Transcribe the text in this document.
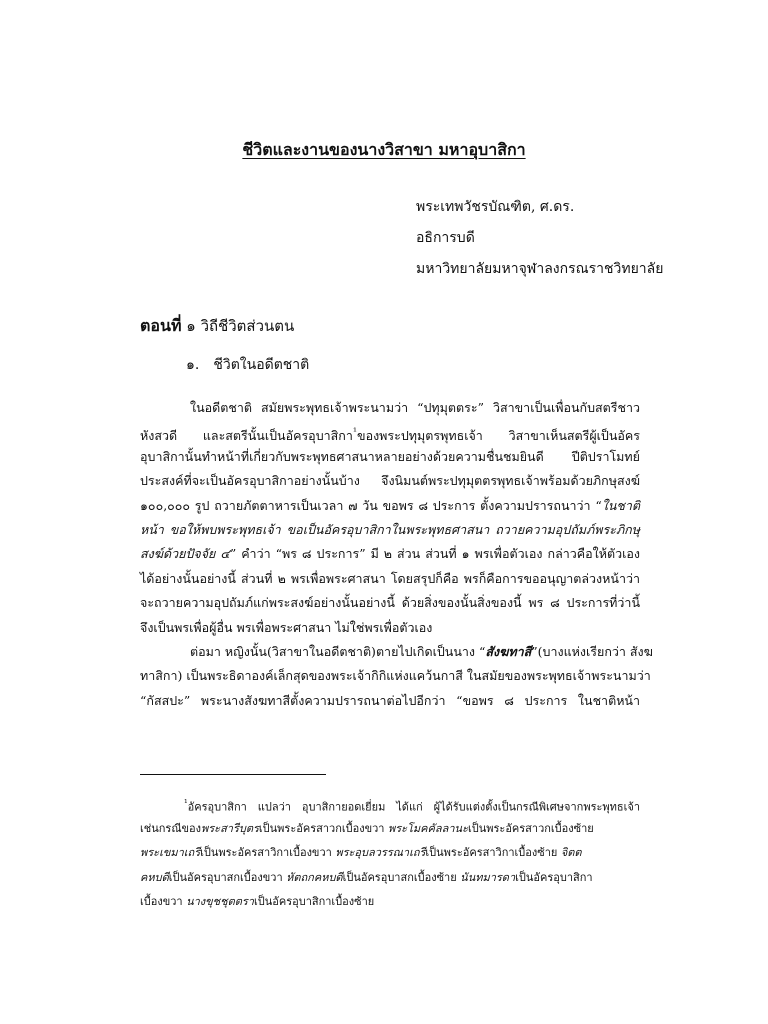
ชีวิตและงานของนางวิสาขา มหาอุบาสิกา
พระเทพวัชรบัณฑิต, ศ.ดร.
อธิการบดี
มหาวิทยาลัยมหาจุฬาลงกรณราชวิทยาลัย
ตอนที่ ๑ วิถีชีวิตส่วนตน
๑. ชีวิตในอดีตชาติ
ในอดีตชาติ สมัยพระพุทธเจ้าพระนามว่า “ปทุมุตตระ” วิสาขาเป็นเพื่อนกับสตรีชาว
หังสวดี และสตรีนั้นเป็นอัครอุบาสิกา$^{^1}$ของพระปทุมุตรพุทธเจ้า วิสาขาเห็นสตรีผู้เป็นอัคร
อุบาสิกานั้นทำหน้าที่เกี่ยวกับพระพุทธศาสนาหลายอย่างด้วยความชื่นชมยินดี ปีติปราโมทย์
ประสงค์ที่จะเป็นอัครอุบาสิกาอย่างนั้นบ้าง จึงนิมนต์พระปทุมุตตรพุทธเจ้าพร้อมด้วยภิกษุสงฆ์
๑๐๐,๐๐๐ รูป ถวายภัตตาหารเป็นเวลา ๗ วัน ขอพร ๘ ประการ ตั้งความปรารถนาว่า “ในชาติ
หน้า ขอให้พบพระพุทธเจ้า ขอเป็นอัครอุบาสิกาในพระพุทธศาสนา ถวายความอุปถัมภ์พระภิกษุ
สงฆ์ด้วยปัจจัย ๔” คำว่า “พร ๘ ประการ” มี ๒ ส่วน ส่วนที่ ๑ พรเพื่อตัวเอง กล่าวคือให้ตัวเอง
ได้อย่างนั้นอย่างนี้ ส่วนที่ ๒ พรเพื่อพระศาสนา โดยสรุปก็คือ พรก็คือการขออนุญาตล่วงหน้าว่า
จะถวายความอุปถัมภ์แก่พระสงฆ์อย่างนั้นอย่างนี้ ด้วยสิ่งของนั้นสิ่งของนี้ พร ๘ ประการที่ว่านี้
จึงเป็นพรเพื่อผู้อื่น พรเพื่อพระศาสนา ไม่ใช่พรเพื่อตัวเอง
ต่อมา หญิงนั้น(วิสาขาในอดีตชาติ)ตายไปเกิดเป็นนาง “สังฆทาสี”(บางแห่งเรียกว่า สังฆ
ทาสิกา) เป็นพระธิดาองค์เล็กสุดของพระเจ้ากิกิแห่งแคว้นกาสี ในสมัยของพระพุทธเจ้าพระนามว่า
“กัสสปะ” พระนางสังฆทาสีตั้งความปรารถนาต่อไปอีกว่า “ขอพร ๘ ประการ ในชาติหน้า
$^{^1}$อัครอุบาสิกา แปลว่า อุบาสิกายอดเยี่ยม ได้แก่ ผู้ได้รับแต่งตั้งเป็นกรณีพิเศษจากพระพุทธเจ้า
เช่นกรณีของพระสารีบุตรเป็นพระอัครสาวกเบื้องขวา พระโมคคัลลานะเป็นพระอัครสาวกเบื้องซ้าย
พระเขมาเถรีเป็นพระอัครสาวิกาเบื้องขวา พระอุบลวรรณาเถรีเป็นพระอัครสาวิกาเบื้องซ้าย จิตต
คหบดีเป็นอัครอุบาสกเบื้องขวา หัตถกคหบดีเป็นอัครอุบาสกเบื้องซ้าย นันทมารดาเป็นอัครอุบาสิกา
เบื้องขวา นางขุชชุตตราเป็นอัครอุบาสิกาเบื้องซ้าย
